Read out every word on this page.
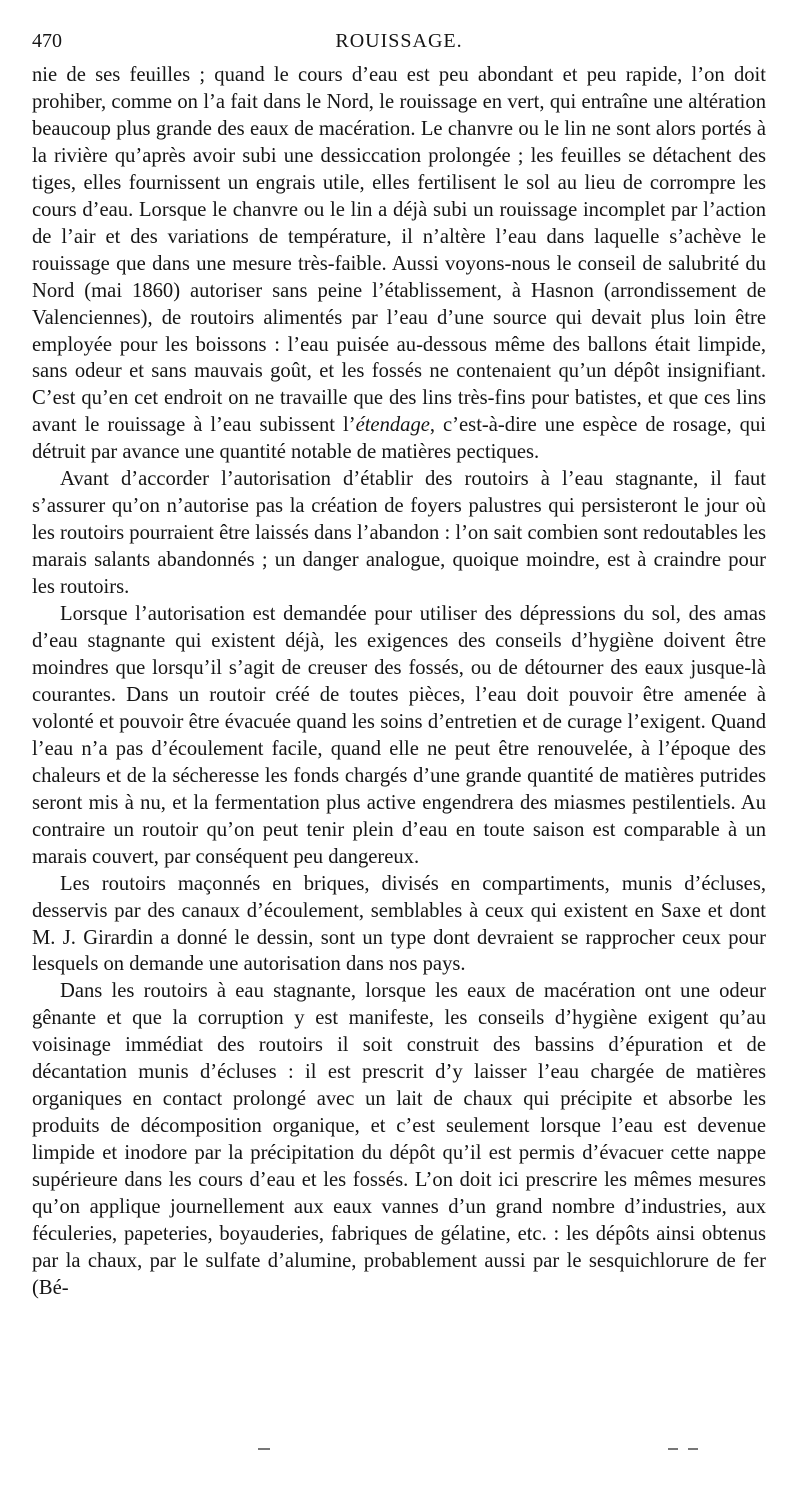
470	ROUISSAGE.

nie de ses feuilles ; quand le cours d’eau est peu abondant et peu rapide, l’on doit prohiber, comme on l’a fait dans le Nord, le rouissage en vert, qui entraîne une altération beaucoup plus grande des eaux de macération. Le chanvre ou le lin ne sont alors portés à la rivière qu’après avoir subi une dessiccation prolongée ; les feuilles se détachent des tiges, elles fournissent un engrais utile, elles fertilisent le sol au lieu de corrompre les cours d’eau. Lorsque le chanvre ou le lin a déjà subi un rouissage incomplet par l’action de l’air et des variations de température, il n’altère l’eau dans laquelle s’achève le rouissage que dans une mesure très-faible. Aussi voyons-nous le conseil de salubrité du Nord (mai 1860) autoriser sans peine l’établissement, à Hasnon (arrondissement de Valenciennes), de routoirs alimentés par l’eau d’une source qui devait plus loin être employée pour les boissons : l’eau puisée au-dessous même des ballons était limpide, sans odeur et sans mauvais goût, et les fossés ne contenaient qu’un dépôt insignifiant. C’est qu’en cet endroit on ne travaille que des lins très-fins pour batistes, et que ces lins avant le rouissage à l’eau subissent l’étendage, c’est-à-dire une espèce de rosage, qui détruit par avance une quantité notable de matières pectiques.

Avant d’accorder l’autorisation d’établir des routoirs à l’eau stagnante, il faut s’assurer qu’on n’autorise pas la création de foyers palustres qui persisteront le jour où les routoirs pourraient être laissés dans l’abandon : l’on sait combien sont redoutables les marais salants abandonnés ; un danger analogue, quoique moindre, est à craindre pour les routoirs.

Lorsque l’autorisation est demandée pour utiliser des dépressions du sol, des amas d’eau stagnante qui existent déjà, les exigences des conseils d’hygiène doivent être moindres que lorsqu’il s’agit de creuser des fossés, ou de détourner des eaux jusque-là courantes. Dans un routoir créé de toutes pièces, l’eau doit pouvoir être amenée à volonté et pouvoir être évacuée quand les soins d’entretien et de curage l’exigent. Quand l’eau n’a pas d’écoulement facile, quand elle ne peut être renouvelée, à l’époque des chaleurs et de la sécheresse les fonds chargés d’une grande quantité de matières putrides seront mis à nu, et la fermentation plus active engendrera des miasmes pestilentiels. Au contraire un routoir qu’on peut tenir plein d’eau en toute saison est comparable à un marais couvert, par conséquent peu dangereux.

Les routoirs maçonnés en briques, divisés en compartiments, munis d’écluses, desservis par des canaux d’écoulement, semblables à ceux qui existent en Saxe et dont M. J. Girardin a donné le dessin, sont un type dont devraient se rapprocher ceux pour lesquels on demande une autorisation dans nos pays.

Dans les routoirs à eau stagnante, lorsque les eaux de macération ont une odeur gênante et que la corruption y est manifeste, les conseils d’hygiène exigent qu’au voisinage immédiat des routoirs il soit construit des bassins d’épuration et de décantation munis d’écluses : il est prescrit d’y laisser l’eau chargée de matières organiques en contact prolongé avec un lait de chaux qui précipite et absorbe les produits de décomposition organique, et c’est seulement lorsque l’eau est devenue limpide et inodore par la précipitation du dépôt qu’il est permis d’évacuer cette nappe supérieure dans les cours d’eau et les fossés. L’on doit ici prescrire les mêmes mesures qu’on applique journellement aux eaux vannes d’un grand nombre d’industries, aux féculeries, papeteries, boyauderies, fabriques de gélatine, etc. : les dépôts ainsi obtenus par la chaux, par le sulfate d’alumine, probablement aussi par le sesquichlorure de fer (Bé-
